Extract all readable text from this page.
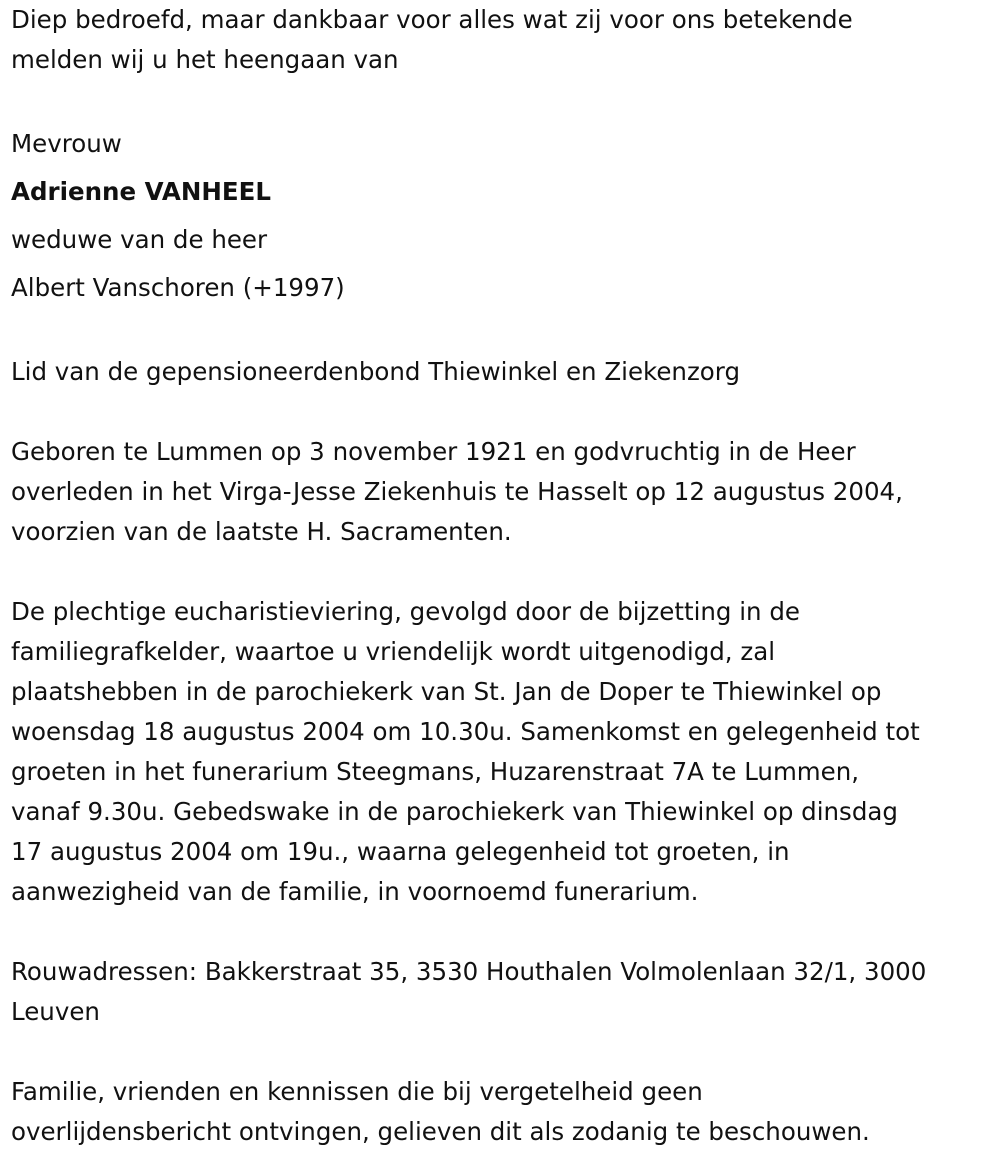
Diep bedroefd, maar dankbaar voor alles wat zij voor ons betekende

melden wij u het heengaan van

Mevrouw

Adrienne VANHEEL

weduwe van de heer

Albert Vanschoren (+1997)

Lid van de gepensioneerdenbond Thiewinkel en Ziekenzorg

Geboren te Lummen op 3 november 1921 en godvruchtig in de Heer

overleden in het Virga-Jesse Ziekenhuis te Hasselt op 12 augustus 2004,

voorzien van de laatste H. Sacramenten.

De plechtige eucharistieviering, gevolgd door de bijzetting in de

familiegrafkelder, waartoe u vriendelijk wordt uitgenodigd, zal

plaatshebben in de parochiekerk van St. Jan de Doper te Thiewinkel op

woensdag 18 augustus 2004 om 10.30u. Samenkomst en gelegenheid tot

groeten in het funerarium Steegmans, Huzarenstraat 7A te Lummen,

vanaf 9.30u. Gebedswake in de parochiekerk van Thiewinkel op dinsdag

17 augustus 2004 om 19u., waarna gelegenheid tot groeten, in

aanwezigheid van de familie, in voornoemd funerarium.

Rouwadressen: Bakkerstraat 35, 3530 Houthalen Volmolenlaan 32/1, 3000

Leuven

Familie, vrienden en kennissen die bij vergetelheid geen

overlijdensbericht ontvingen, gelieven dit als zodanig te beschouwen.
